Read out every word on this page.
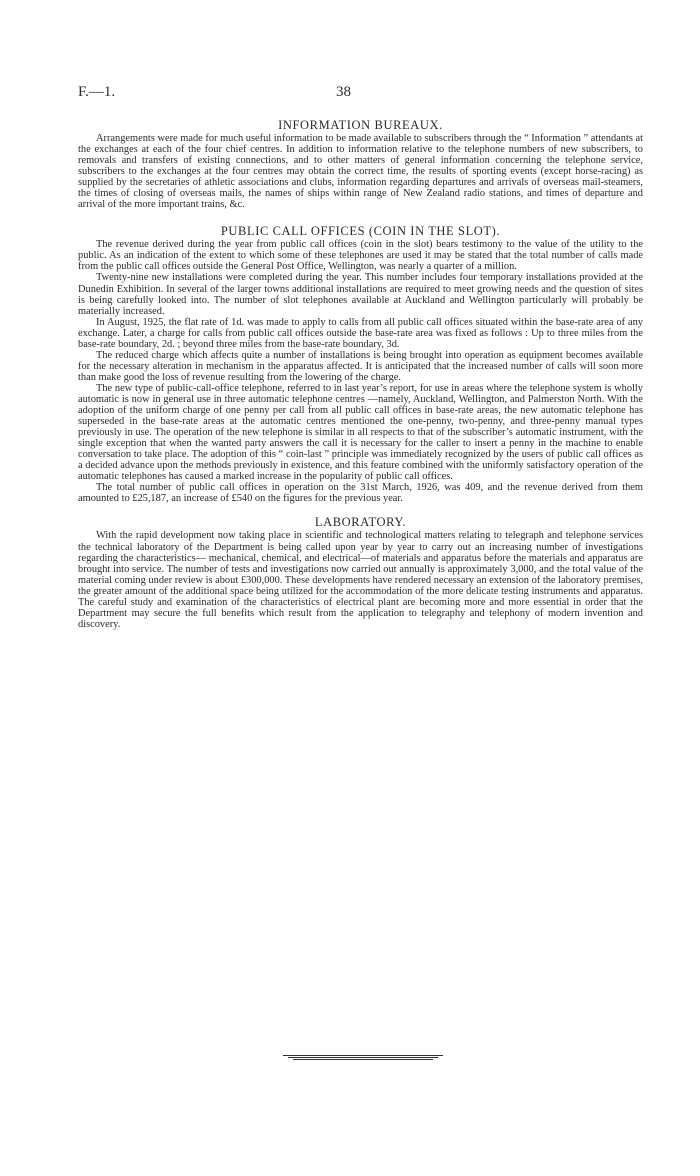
F.—1.	38
INFORMATION BUREAUX.

Arrangements were made for much useful information to be made available to subscribers through the “ Information ” attendants at the exchanges at each of the four chief centres. In addition to information relative to the telephone numbers of new subscribers, to removals and transfers of existing connections, and to other matters of general information concerning the telephone service, subscribers to the exchanges at the four centres may obtain the correct time, the results of sporting events (except horse-racing) as supplied by the secretaries of athletic associations and clubs, information regarding departures and arrivals of overseas mail-steamers, the times of closing of overseas mails, the names of ships within range of New Zealand radio stations, and times of departure and arrival of the more important trains, &c.

PUBLIC CALL OFFICES (COIN IN THE SLOT).

The revenue derived during the year from public call offices (coin in the slot) bears testimony to the value of the utility to the public. As an indication of the extent to which some of these telephones are used it may be stated that the total number of calls made from the public call offices outside the General Post Office, Wellington, was nearly a quarter of a million.

Twenty-nine new installations were completed during the year. This number includes four temporary installations provided at the Dunedin Exhibition. In several of the larger towns additional installations are required to meet growing needs and the question of sites is being carefully looked into. The number of slot telephones available at Auckland and Wellington particularly will probably be materially increased.

In August, 1925, the flat rate of 1d. was made to apply to calls from all public call offices situated within the base-rate area of any exchange. Later, a charge for calls from public call offices outside the base-rate area was fixed as follows : Up to three miles from the base-rate boundary, 2d. ; beyond three miles from the base-rate boundary, 3d.

The reduced charge which affects quite a number of installations is being brought into operation as equipment becomes available for the necessary alteration in mechanism in the apparatus affected. It is anticipated that the increased number of calls will soon more than make good the loss of revenue resulting from the lowering of the charge.

The new type of public-call-office telephone, referred to in last year’s report, for use in areas where the telephone system is wholly automatic is now in general use in three automatic telephone centres —namely, Auckland, Wellington, and Palmerston North. With the adoption of the uniform charge of one penny per call from all public call offices in base-rate areas, the new automatic telephone has superseded in the base-rate areas at the automatic centres mentioned the one-penny, two-penny, and three-penny manual types previously in use. The operation of the new telephone is similar in all respects to that of the subscriber’s automatic instrument, with the single exception that when the wanted party answers the call it is necessary for the caller to insert a penny in the machine to enable conversation to take place. The adoption of this “ coin-last ” principle was immediately recognized by the users of public call offices as a decided advance upon the methods previously in existence, and this feature combined with the uniformly satisfactory operation of the automatic telephones has caused a marked increase in the popularity of public call offices.

The total number of public call offices in operation on the 31st March, 1926, was 409, and the revenue derived from them amounted to £25,187, an increase of £540 on the figures for the previous year.

LABORATORY.

With the rapid development now taking place in scientific and technological matters relating to telegraph and telephone services the technical laboratory of the Department is being called upon year by year to carry out an increasing number of investigations regarding the characteristics— mechanical, chemical, and electrical—of materials and apparatus before the materials and apparatus are brought into service. The number of tests and investigations now carried out annually is approximately 3,000, and the total value of the material coming under review is about £300,000. These developments have rendered necessary an extension of the laboratory premises, the greater amount of the additional space being utilized for the accommodation of the more delicate testing instruments and apparatus. The careful study and examination of the characteristics of electrical plant are becoming more and more essential in order that the Department may secure the full benefits which result from the application to telegraphy and telephony of modern invention and discovery.
